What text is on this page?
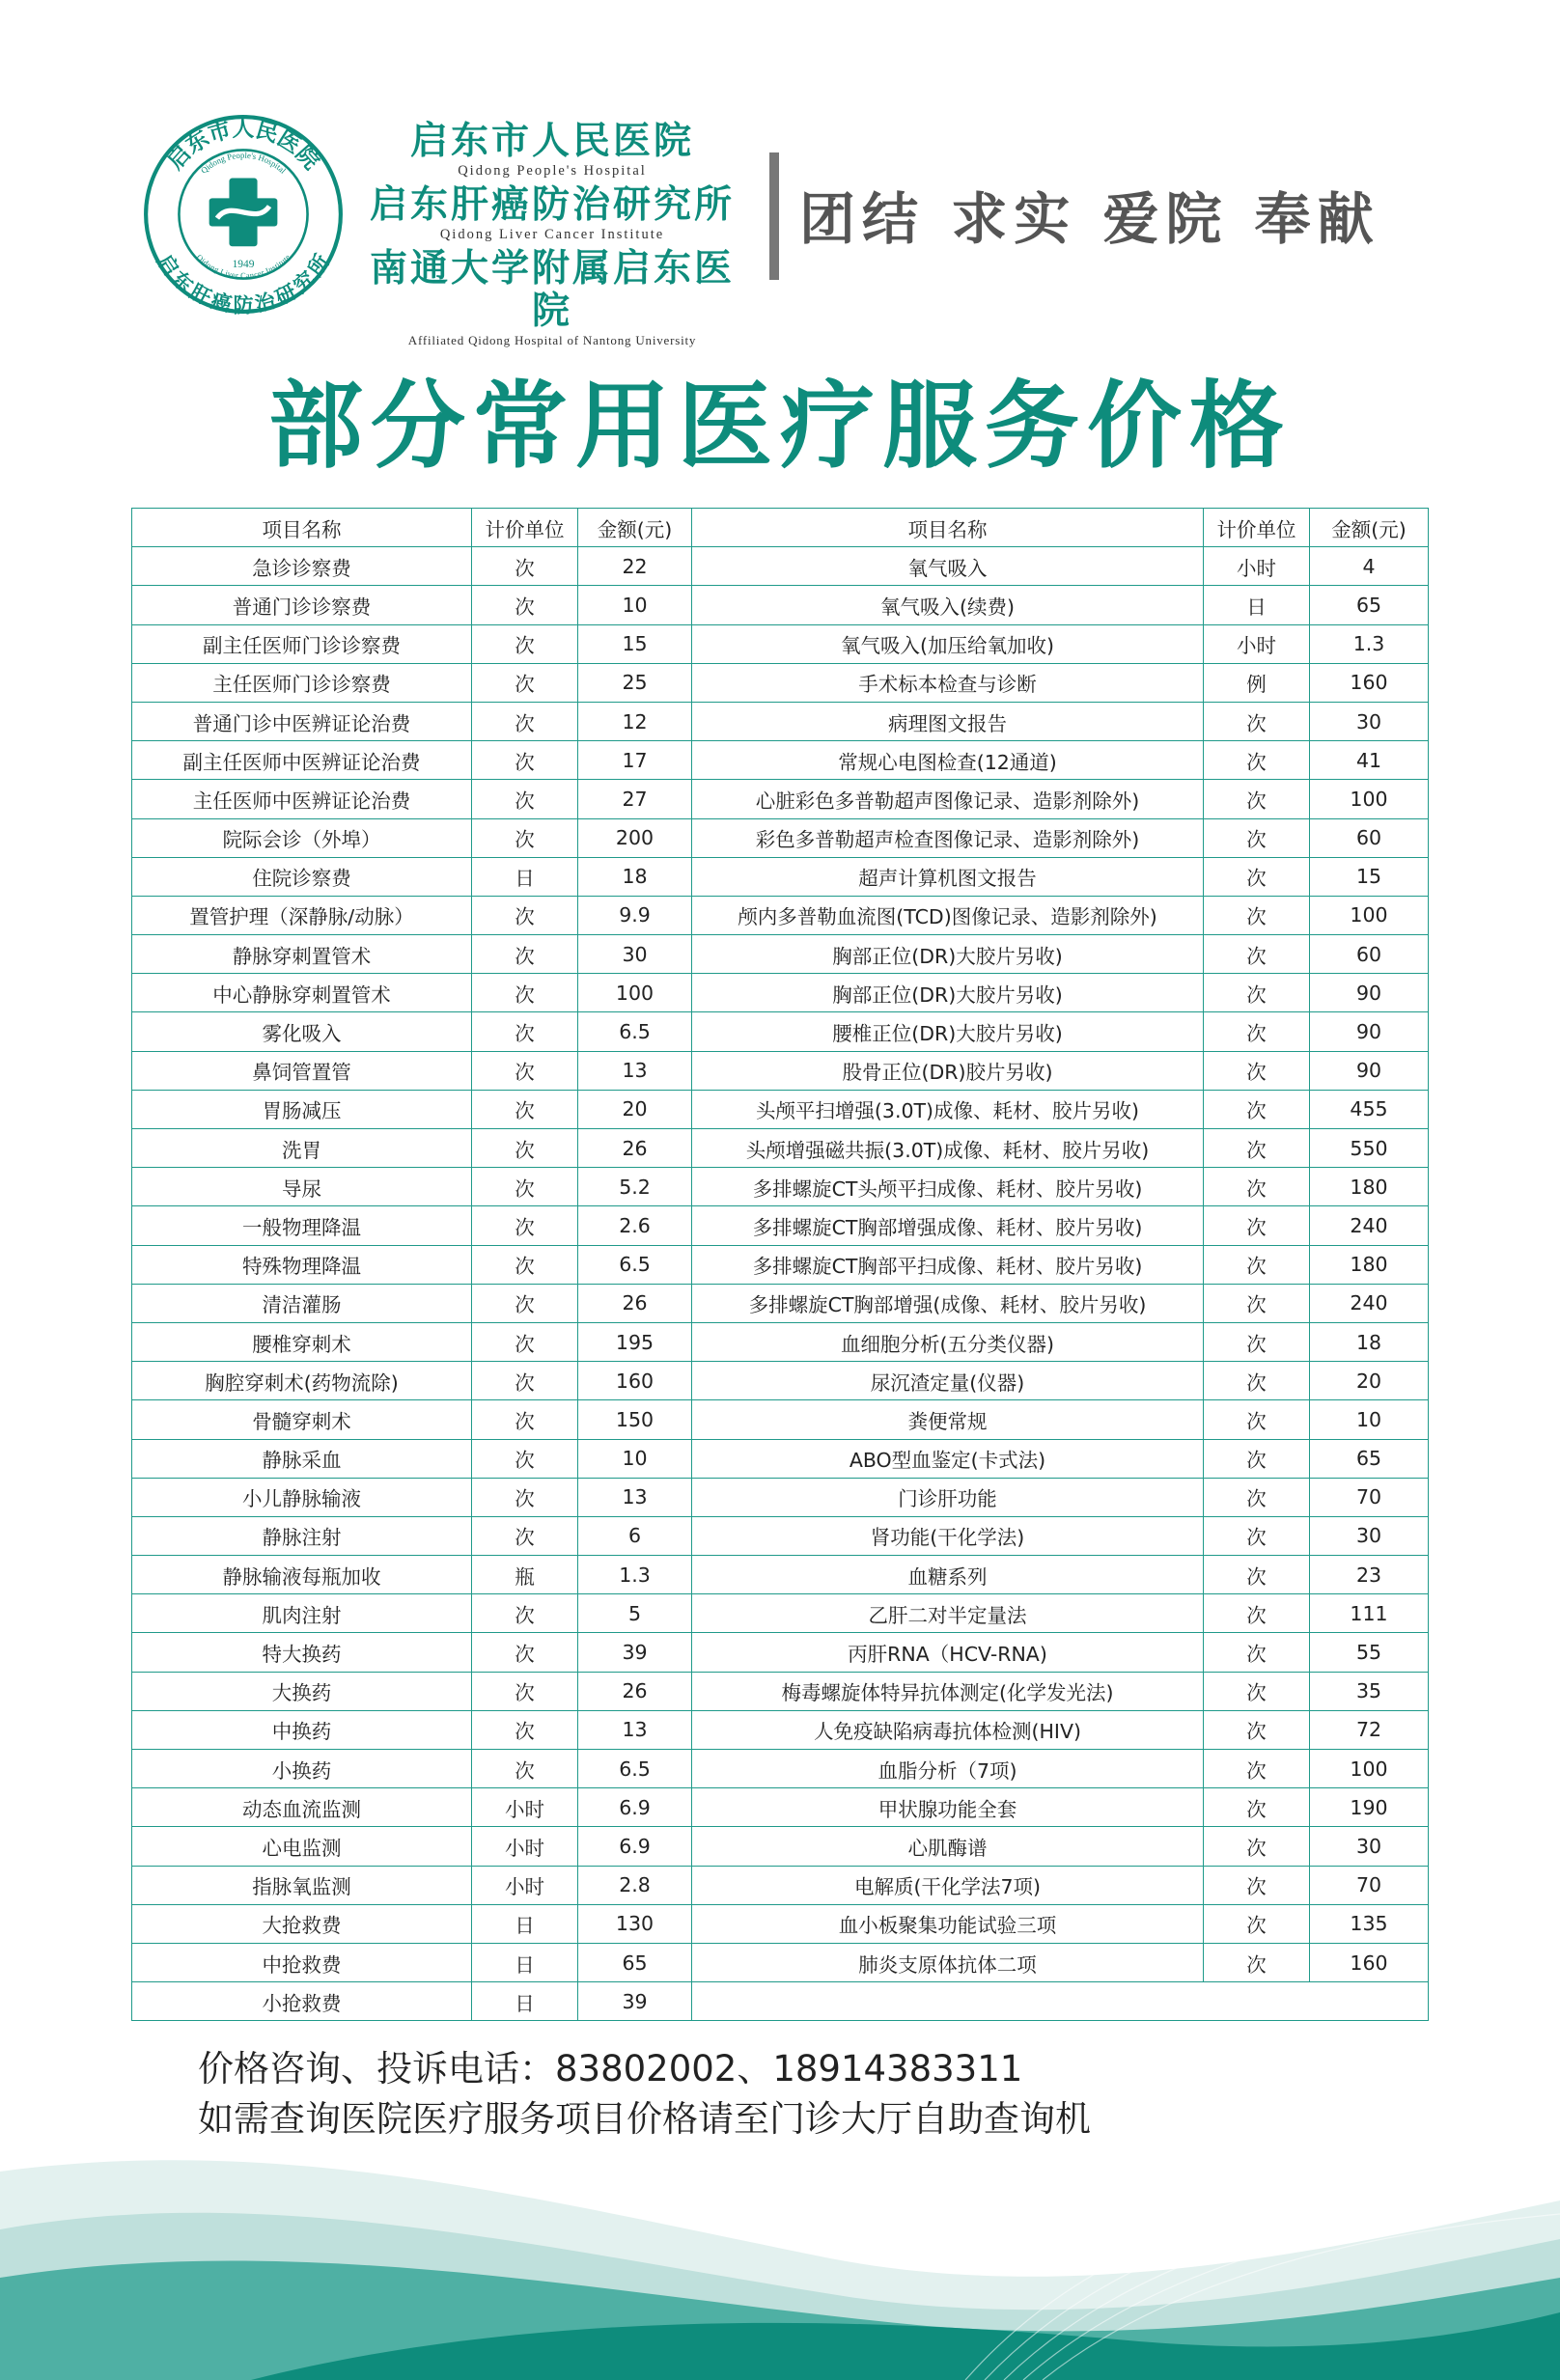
启东市人民医院
启东肝癌防治研究所
Qidong People's Hospital
Qidong Liver Cancer Institute
1949
启东市人民医院
Qidong People's Hospital
启东肝癌防治研究所
Qidong Liver Cancer Institute
南通大学附属启东医院
Affiliated Qidong Hospital of Nantong University
团结 求实 爱院 奉献
部分常用医疗服务价格
项目名称	计价单位	金额(元)	项目名称	计价单位	金额(元)
急诊诊察费	次	22	氧气吸入	小时	4
普通门诊诊察费	次	10	氧气吸入(续费)	日	65
副主任医师门诊诊察费	次	15	氧气吸入(加压给氧加收)	小时	1.3
主任医师门诊诊察费	次	25	手术标本检查与诊断	例	160
普通门诊中医辨证论治费	次	12	病理图文报告	次	30
副主任医师中医辨证论治费	次	17	常规心电图检查(12通道)	次	41
主任医师中医辨证论治费	次	27	心脏彩色多普勒超声图像记录、造影剂除外)	次	100
院际会诊（外埠）	次	200	彩色多普勒超声检查图像记录、造影剂除外)	次	60
住院诊察费	日	18	超声计算机图文报告	次	15
置管护理（深静脉/动脉）	次	9.9	颅内多普勒血流图(TCD)图像记录、造影剂除外)	次	100
静脉穿刺置管术	次	30	胸部正位(DR)大胶片另收)	次	60
中心静脉穿刺置管术	次	100	胸部正位(DR)大胶片另收)	次	90
雾化吸入	次	6.5	腰椎正位(DR)大胶片另收)	次	90
鼻饲管置管	次	13	股骨正位(DR)胶片另收)	次	90
胃肠减压	次	20	头颅平扫增强(3.0T)成像、耗材、胶片另收)	次	455
洗胃	次	26	头颅增强磁共振(3.0T)成像、耗材、胶片另收)	次	550
导尿	次	5.2	多排螺旋CT头颅平扫成像、耗材、胶片另收)	次	180
一般物理降温	次	2.6	多排螺旋CT胸部增强成像、耗材、胶片另收)	次	240
特殊物理降温	次	6.5	多排螺旋CT胸部平扫成像、耗材、胶片另收)	次	180
清洁灌肠	次	26	多排螺旋CT胸部增强(成像、耗材、胶片另收)	次	240
腰椎穿刺术	次	195	血细胞分析(五分类仪器)	次	18
胸腔穿刺术(药物流除)	次	160	尿沉渣定量(仪器)	次	20
骨髓穿刺术	次	150	粪便常规	次	10
静脉采血	次	10	ABO型血鉴定(卡式法)	次	65
小儿静脉输液	次	13	门诊肝功能	次	70
静脉注射	次	6	肾功能(干化学法)	次	30
静脉输液每瓶加收	瓶	1.3	血糖系列	次	23
肌肉注射	次	5	乙肝二对半定量法	次	111
特大换药	次	39	丙肝RNA（HCV-RNA)	次	55
大换药	次	26	梅毒螺旋体特异抗体测定(化学发光法)	次	35
中换药	次	13	人免疫缺陷病毒抗体检测(HIV)	次	72
小换药	次	6.5	血脂分析（7项)	次	100
动态血流监测	小时	6.9	甲状腺功能全套	次	190
心电监测	小时	6.9	心肌酶谱	次	30
指脉氧监测	小时	2.8	电解质(干化学法7项)	次	70
大抢救费	日	130	血小板聚集功能试验三项	次	135
中抢救费	日	65	肺炎支原体抗体二项	次	160
小抢救费	日	39			
价格咨询、投诉电话：83802002、18914383311
如需查询医院医疗服务项目价格请至门诊大厅自助查询机
